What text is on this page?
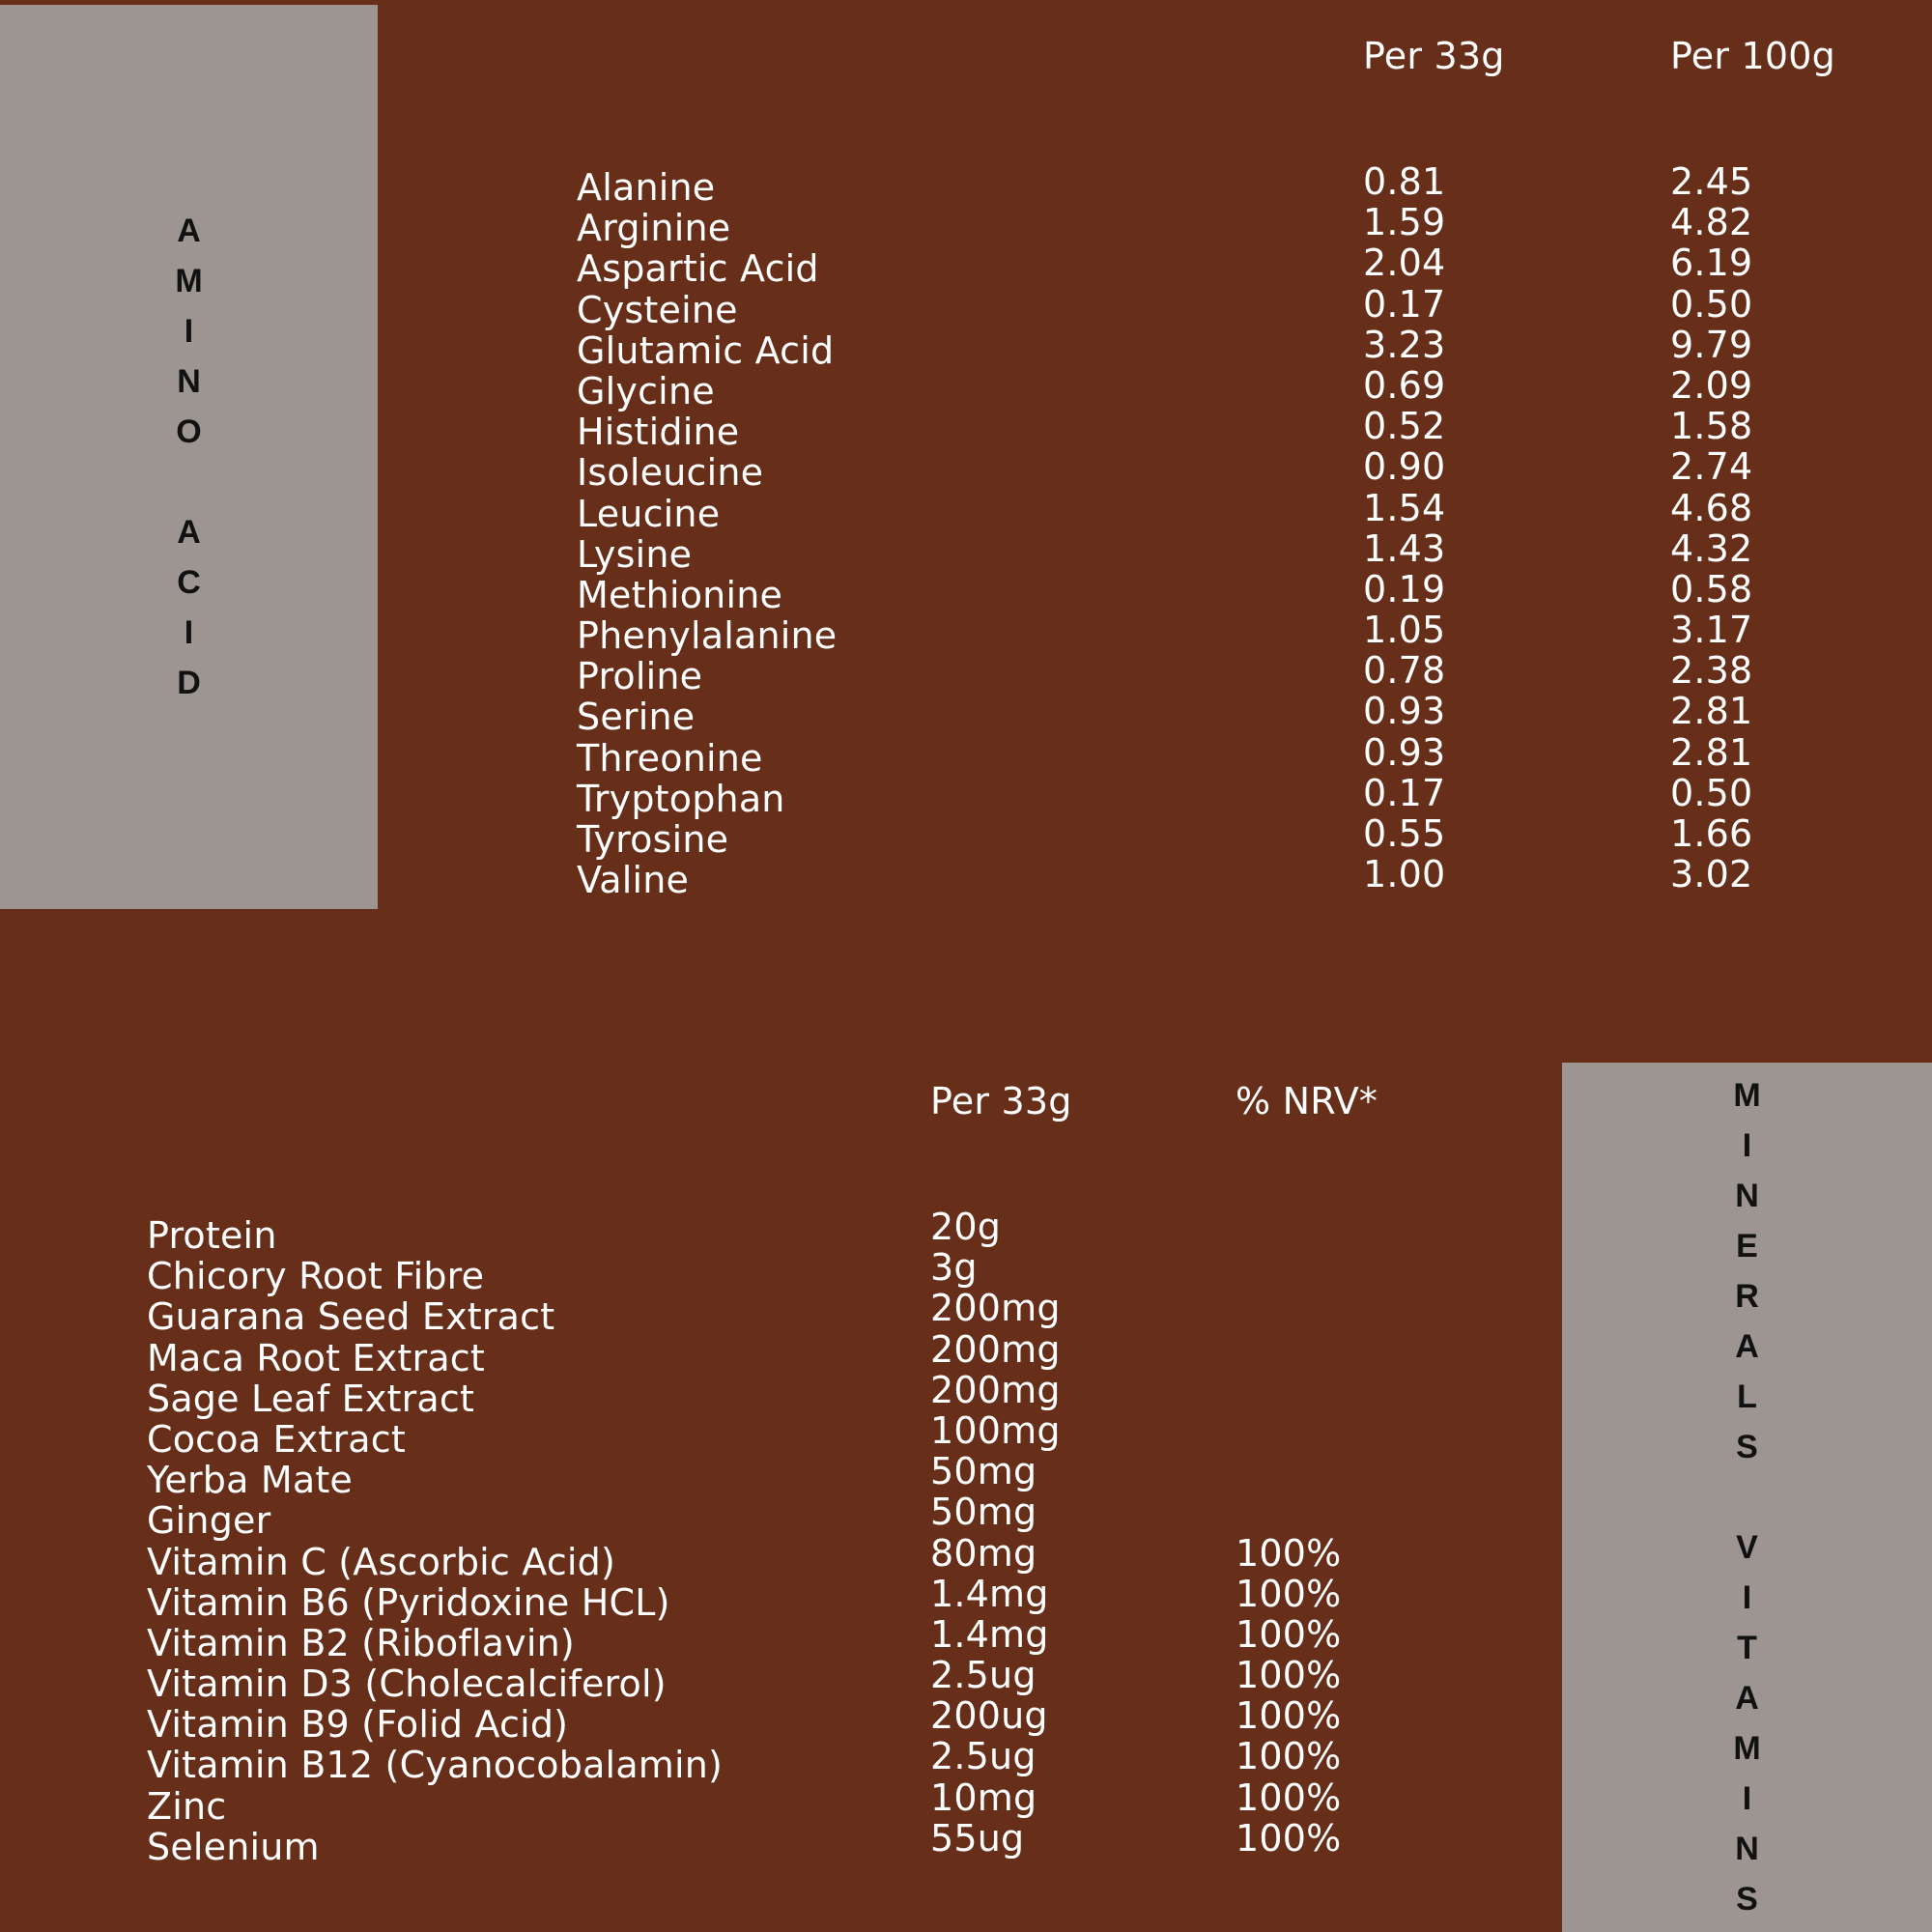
A
M
I
N
O

A
C
I
D
M
I
N
E
R
A
L
S

V
I
T
A
M
I
N
S
Per 33g	Per 100g
Alanine
Arginine
Aspartic Acid
Cysteine
Glutamic Acid
Glycine
Histidine
Isoleucine
Leucine
Lysine
Methionine
Phenylalanine
Proline
Serine
Threonine
Tryptophan
Tyrosine
Valine
0.81
1.59
2.04
0.17
3.23
0.69
0.52
0.90
1.54
1.43
0.19
1.05
0.78
0.93
0.93
0.17
0.55
1.00
2.45
4.82
6.19
0.50
9.79
2.09
1.58
2.74
4.68
4.32
0.58
3.17
2.38
2.81
2.81
0.50
1.66
3.02
Per 33g	% NRV*
Protein
Chicory Root Fibre
Guarana Seed Extract
Maca Root Extract
Sage Leaf Extract
Cocoa Extract
Yerba Mate
Ginger
Vitamin C (Ascorbic Acid)
Vitamin B6 (Pyridoxine HCL)
Vitamin B2 (Riboflavin)
Vitamin D3 (Cholecalciferol)
Vitamin B9 (Folid Acid)
Vitamin B12 (Cyanocobalamin)
Zinc
Selenium
20g
3g
200mg
200mg
200mg
100mg
50mg
50mg
80mg
1.4mg
1.4mg
2.5ug
200ug
2.5ug
10mg
55ug
100%
100%
100%
100%
100%
100%
100%
100%
